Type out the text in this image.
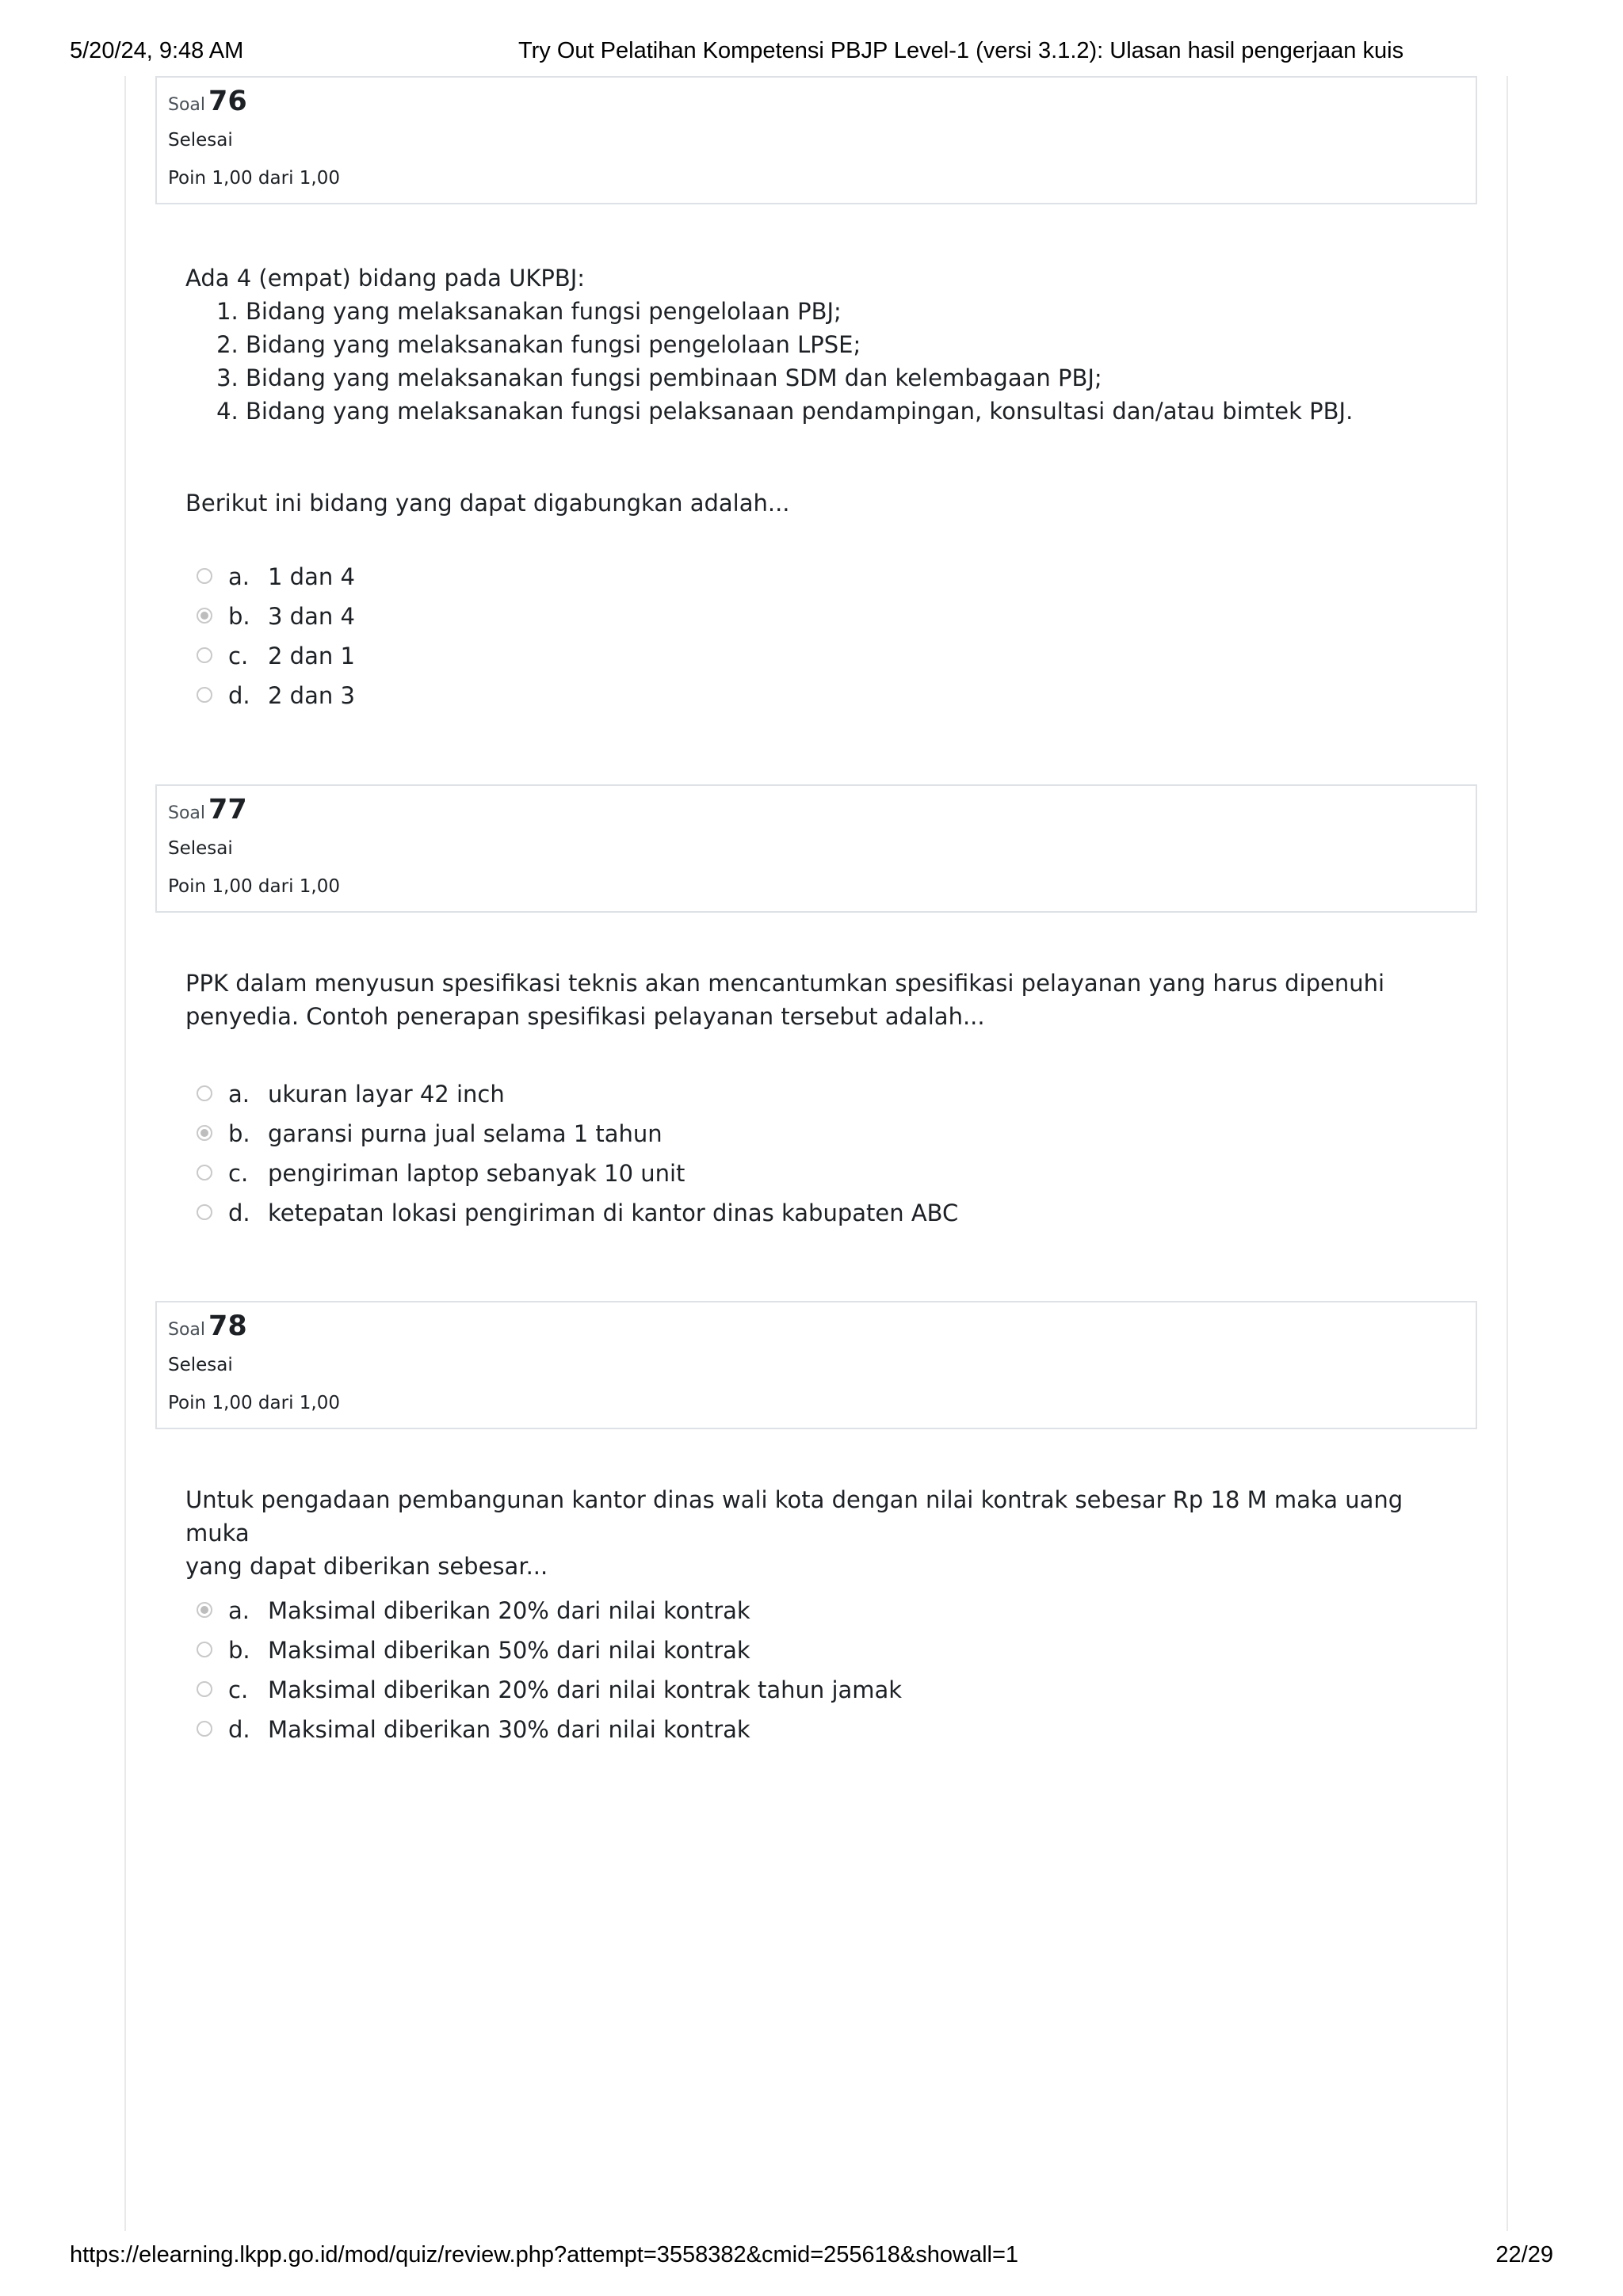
5/20/24, 9:48 AM	Try Out Pelatihan Kompetensi PBJP Level-1 (versi 3.1.2): Ulasan hasil pengerjaan kuis
Soal 76
Selesai
Poin 1,00 dari 1,00

Ada 4 (empat) bidang pada UKPBJ:

1. Bidang yang melaksanakan fungsi pengelolaan PBJ;
2. Bidang yang melaksanakan fungsi pengelolaan LPSE;
3. Bidang yang melaksanakan fungsi pembinaan SDM dan kelembagaan PBJ;
4. Bidang yang melaksanakan fungsi pelaksanaan pendampingan, konsultasi dan/atau bimtek PBJ.

Berikut ini bidang yang dapat digabungkan adalah...

a. 1 dan 4
b. 3 dan 4
c. 2 dan 1
d. 2 dan 3
Soal 77
Selesai
Poin 1,00 dari 1,00

PPK dalam menyusun spesifikasi teknis akan mencantumkan spesifikasi pelayanan yang harus dipenuhi

penyedia. Contoh penerapan spesifikasi pelayanan tersebut adalah...

a. ukuran layar 42 inch
b. garansi purna jual selama 1 tahun
c. pengiriman laptop sebanyak 10 unit
d. ketepatan lokasi pengiriman di kantor dinas kabupaten ABC
Soal 78
Selesai
Poin 1,00 dari 1,00

Untuk pengadaan pembangunan kantor dinas wali kota dengan nilai kontrak sebesar Rp 18 M maka uang muka

yang dapat diberikan sebesar...

a. Maksimal diberikan 20% dari nilai kontrak
b. Maksimal diberikan 50% dari nilai kontrak
c. Maksimal diberikan 20% dari nilai kontrak tahun jamak
d. Maksimal diberikan 30% dari nilai kontrak
https://elearning.lkpp.go.id/mod/quiz/review.php?attempt=3558382&cmid=255618&showall=1	22/29
